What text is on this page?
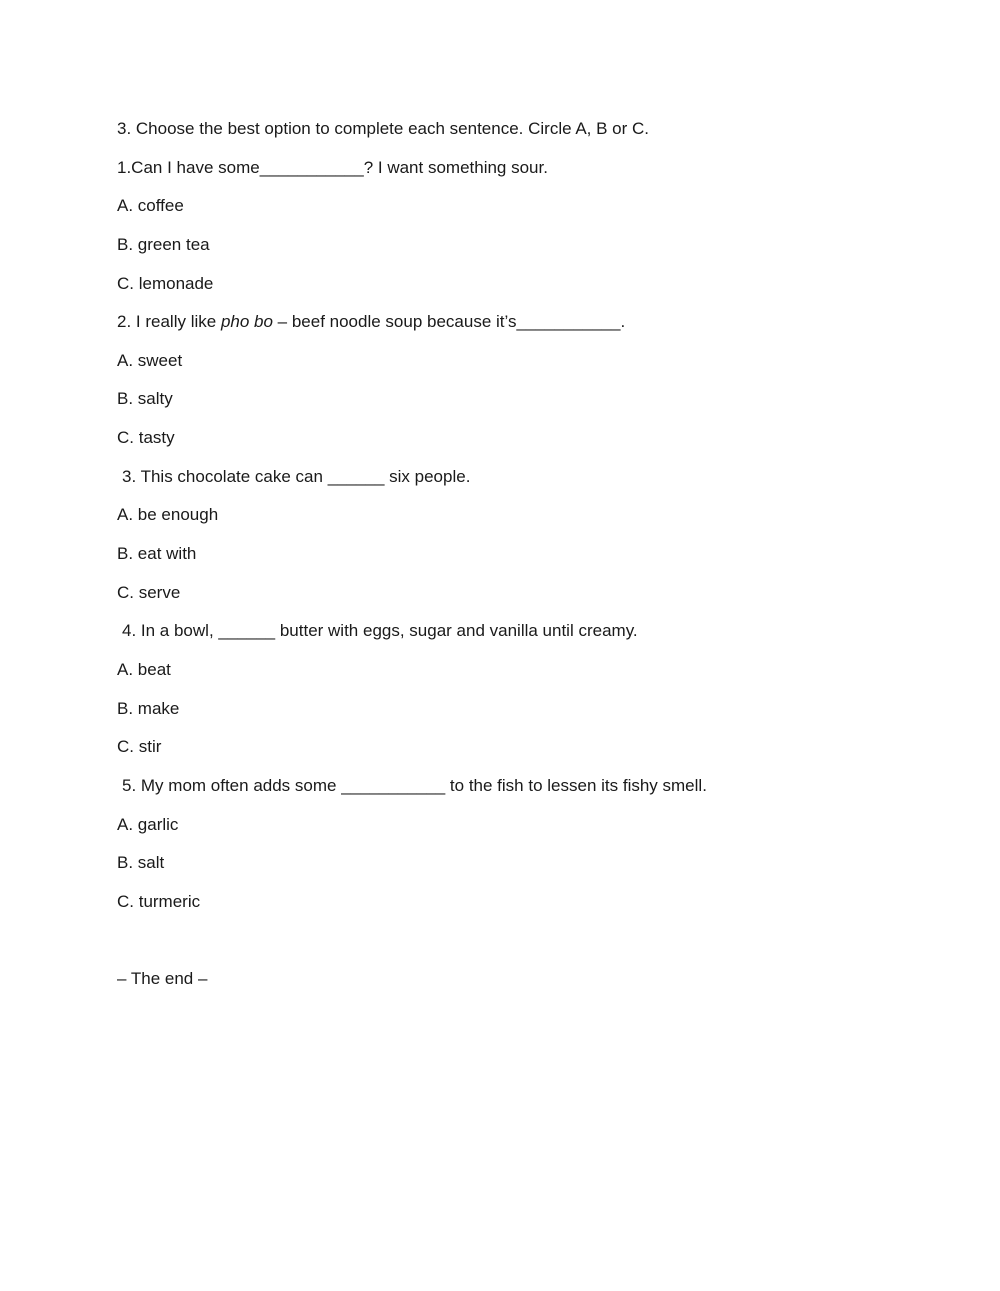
3. Choose the best option to complete each sentence. Circle A, B or C.
1.Can I have some___________? I want something sour.
A. coffee
B. green tea
C. lemonade
2. I really like pho bo – beef noodle soup because it’s___________.
A. sweet
B. salty
C. tasty
3. This chocolate cake can ______ six people.
A. be enough
B. eat with
C. serve
4. In a bowl, ______ butter with eggs, sugar and vanilla until creamy.
A. beat
B. make
C. stir
5. My mom often adds some ___________ to the fish to lessen its fishy smell.
A. garlic
B. salt
C. turmeric
– The end –
